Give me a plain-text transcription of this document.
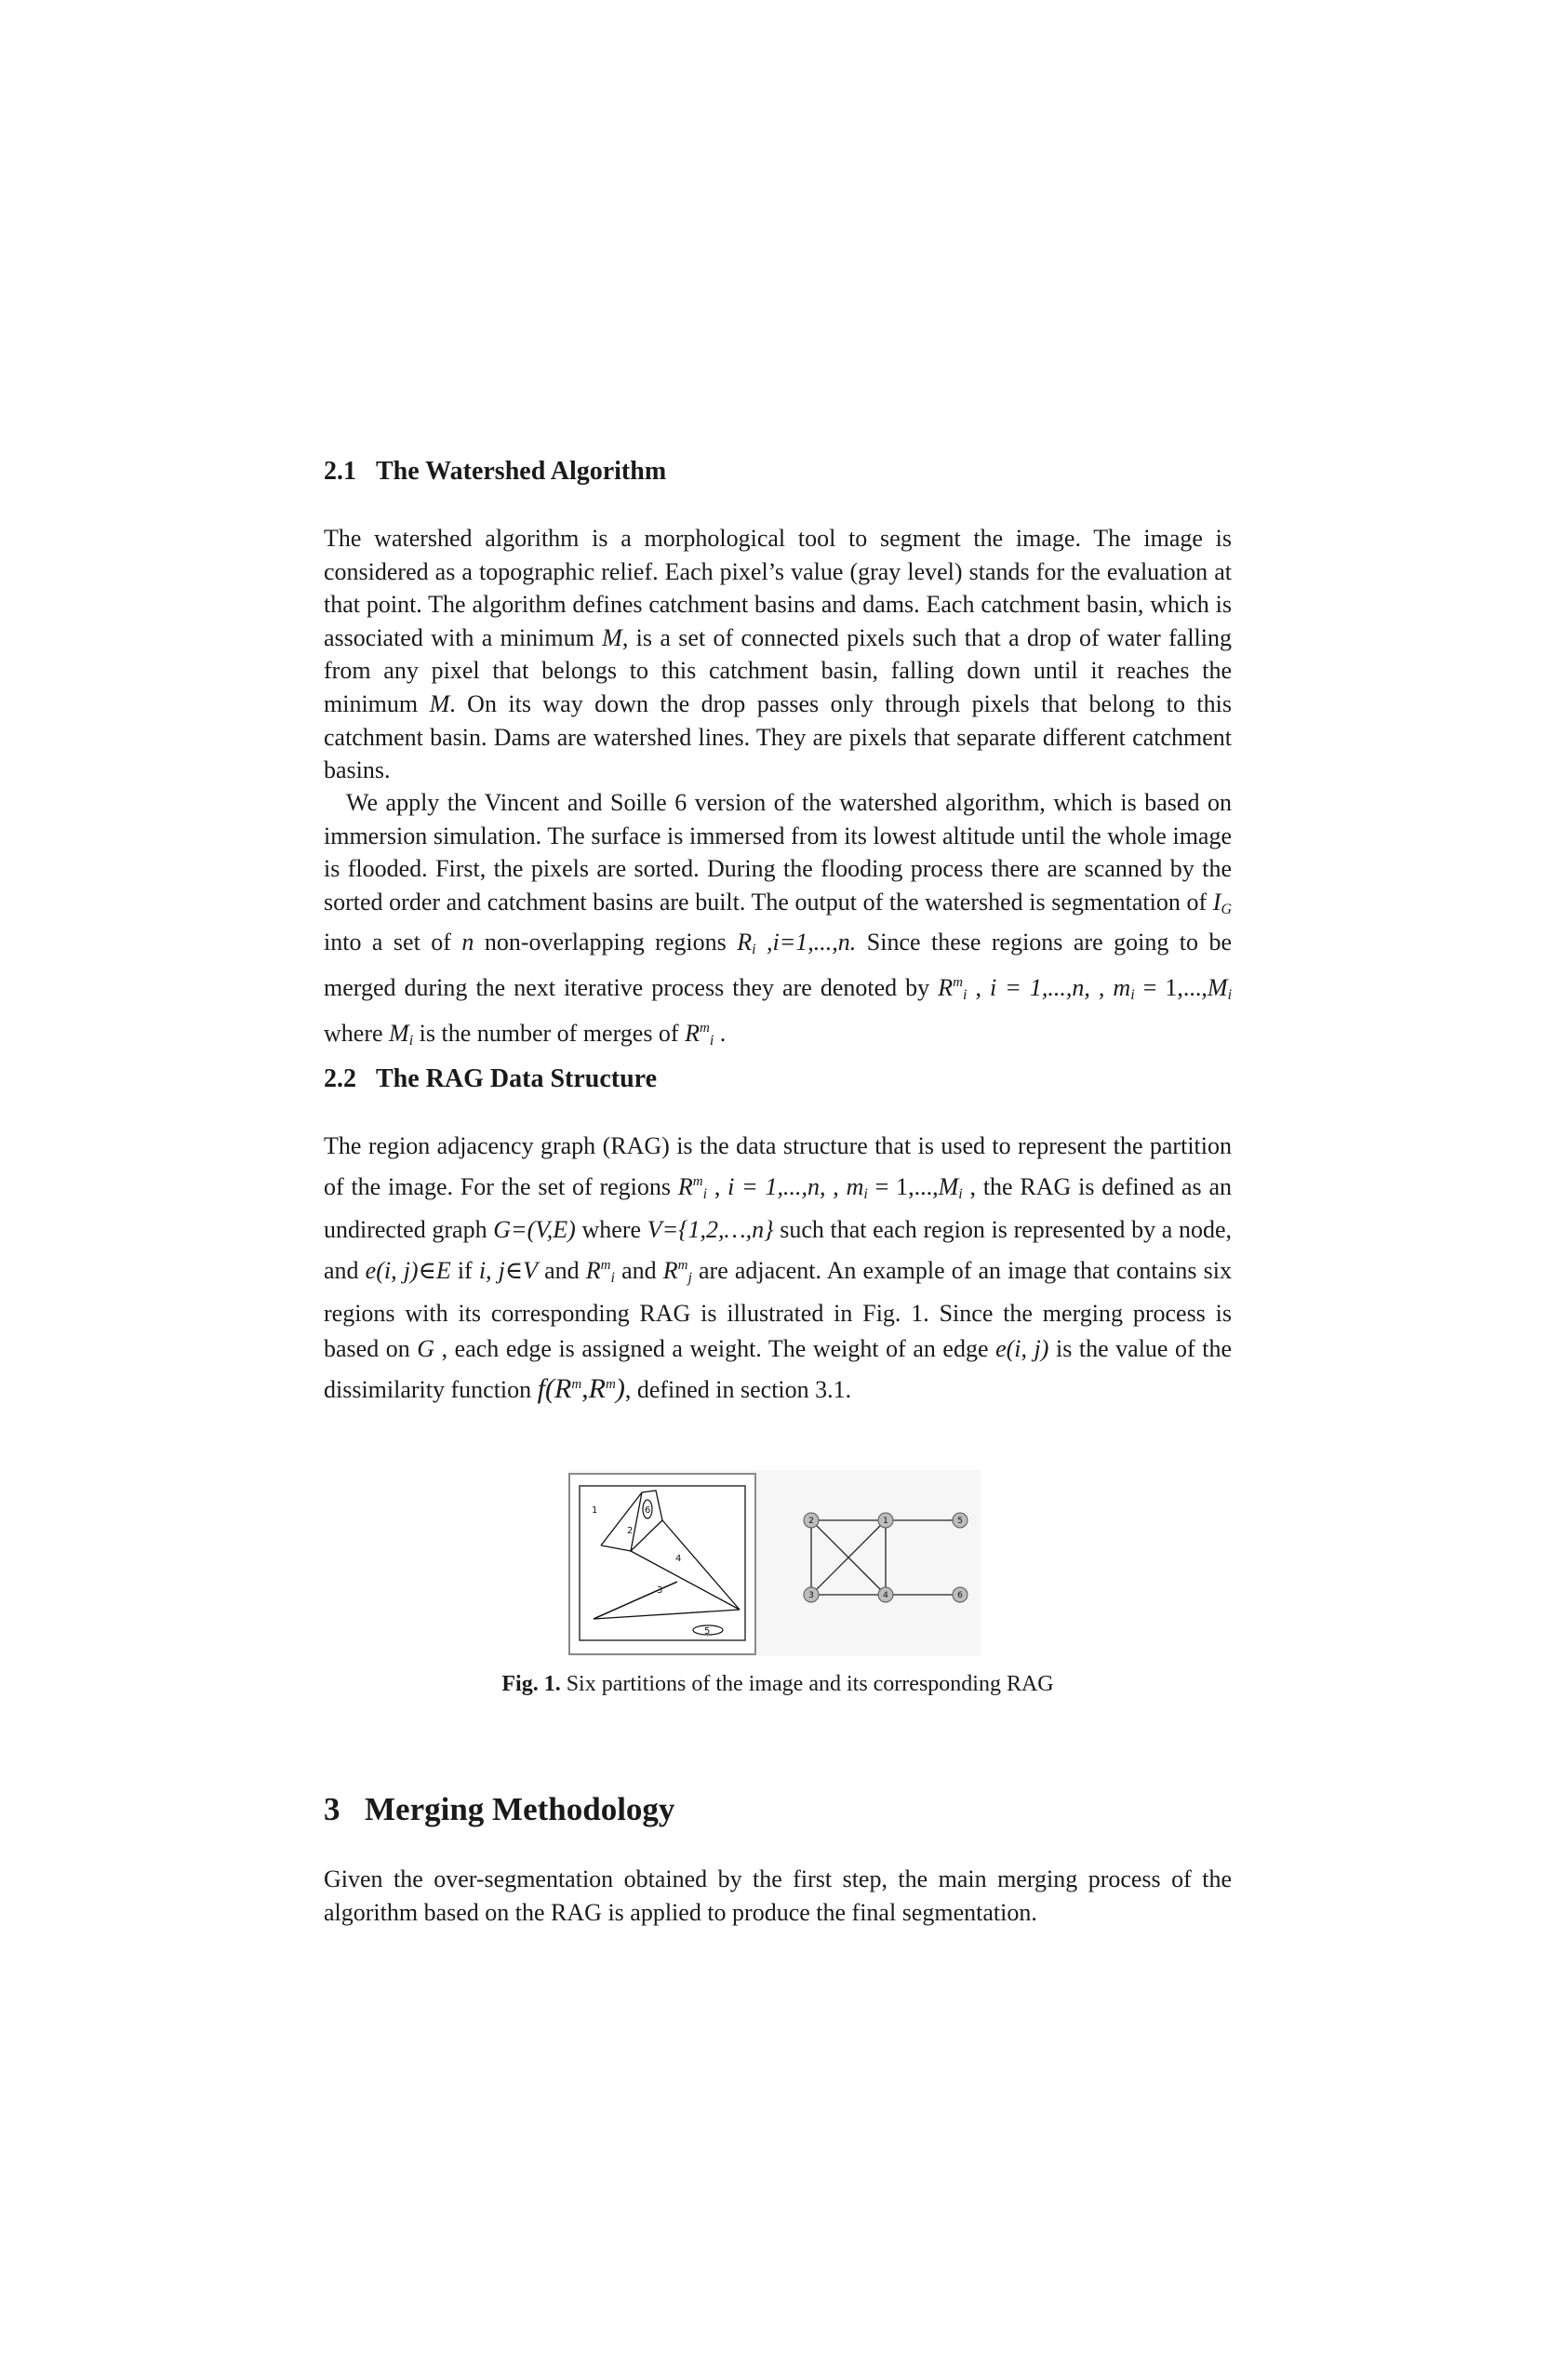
2.1 The Watershed Algorithm

The watershed algorithm is a morphological tool to segment the image. The image is considered as a topographic relief. Each pixel’s value (gray level) stands for the evaluation at that point. The algorithm defines catchment basins and dams. Each catchment basin, which is associated with a minimum M, is a set of connected pixels such that a drop of water falling from any pixel that belongs to this catchment basin, falling down until it reaches the minimum M. On its way down the drop passes only through pixels that belong to this catchment basin. Dams are watershed lines. They are pixels that separate different catchment basins.

We apply the Vincent and Soille 6 version of the watershed algorithm, which is based on immersion simulation. The surface is immersed from its lowest altitude until the whole image is flooded. First, the pixels are sorted. During the flooding process there are scanned by the sorted order and catchment basins are built. The output of the watershed is segmentation of $I_G$ into a set of n non-overlapping regions $R_i$ ,i=1,...,n. Since these regions are going to be merged during the next iterative process they are denoted by $R^m_i$ , i = 1,...,n, , $m_i = 1,...,M_i$ where $M_i$ is the number of merges of $R^m_i$ .

2.2 The RAG Data Structure

The region adjacency graph (RAG) is the data structure that is used to represent the partition of the image. For the set of regions $R^m_i$ , i = 1,...,n, , $m_i = 1,...,M_i$ , the RAG is defined as an undirected graph G=(V,E) where V={1,2,…,n} such that each region is represented by a node, and e(i, j)∈E if i, j∈V and $R^m_i$ and $R^m_j$ are adjacent. An example of an image that contains six regions with its corresponding RAG is illustrated in Fig. 1. Since the merging process is based on G , each edge is assigned a weight. The weight of an edge e(i, j) is the value of the dissimilarity function $f(R^m,R^m)$, defined in section 3.1.

1
2
6
4
3
5
2	1	5
3	4	6
Fig. 1. Six partitions of the image and its corresponding RAG
3 Merging Methodology

Given the over-segmentation obtained by the first step, the main merging process of the algorithm based on the RAG is applied to produce the final segmentation.
